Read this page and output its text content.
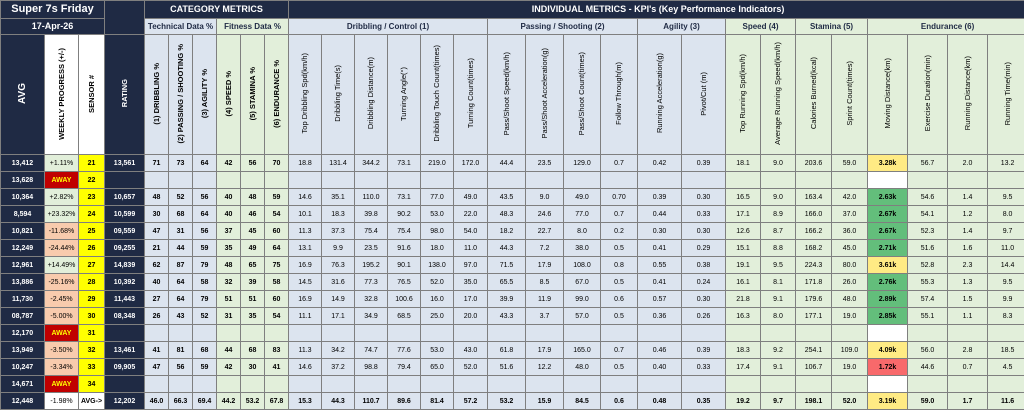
Super 7s Friday				CATEGORY METRICS						INDIVIDUAL METRICS - KPI's (Key Performance Indicators)																			
17-Apr-26				Technical Data %			Fitness Data %			Dribbling / Control (1)						Passing / Shooting (2)				Agility (3)		Speed (4)		Stamina (5)		Endurance (6)			
AVG	WEEKLY PROGRESS (+/-)	SENSOR #	RATING	(1) DRIBBLING %	(2) PASSING / SHOOTING %	(3) AGILITY %	(4) SPEED %	(5) STAMINA %	(6) ENDURANCE %	Top Dribbling Spd(km/h)	Dribbling Time(s)	Dribbling Distance(m)	Turning Angle(°)	Dribbling Touch Count(times)	Turning Count(times)	Pass/Shoot Speed(km/h)	Pass/Shoot Acceleration(g)	Pass/Shoot Count(times)	Follow Through(m)	Running Acceleration(g)	Pivot/Cut (m)	Top Running Spd(km/h)	Average Running Speed(km/h)	Calories Burned(kcal)	Sprint Count(times)	Moving Distance(km)	Exercise Duration(min)	Running Distance(km)	Running Time(min)
13,412	+1.11%	21	13,561	71	73	64	42	56	70	18.8	131.4	344.2	73.1	219.0	172.0	44.4	23.5	129.0	0.7	0.42	0.39	18.1	9.0	203.6	59.0	3.28k	56.7	2.0	13.2
13,628	AWAY	22																											
10,364	+2.82%	23	10,657	48	52	56	40	48	59	14.6	35.1	110.0	73.1	77.0	49.0	43.5	9.0	49.0	0.70	0.39	0.30	16.5	9.0	163.4	42.0	2.63k	54.6	1.4	9.5
8,594	+23.32%	24	10,599	30	68	64	40	46	54	10.1	18.3	39.8	90.2	53.0	22.0	48.3	24.6	77.0	0.7	0.44	0.33	17.1	8.9	166.0	37.0	2.67k	54.1	1.2	8.0
10,821	-11.68%	25	09,559	47	31	56	37	45	60	11.3	37.3	75.4	75.4	98.0	54.0	18.2	22.7	8.0	0.2	0.30	0.30	12.6	8.7	166.2	36.0	2.67k	52.3	1.4	9.7
12,249	-24.44%	26	09,255	21	44	59	35	49	64	13.1	9.9	23.5	91.6	18.0	11.0	44.3	7.2	38.0	0.5	0.41	0.29	15.1	8.8	168.2	45.0	2.71k	51.6	1.6	11.0
12,961	+14.49%	27	14,839	62	87	79	48	65	75	16.9	76.3	195.2	90.1	138.0	97.0	71.5	17.9	108.0	0.8	0.55	0.38	19.1	9.5	224.3	80.0	3.61k	52.8	2.3	14.4
13,886	-25.16%	28	10,392	40	64	58	32	39	58	14.5	31.6	77.3	76.5	52.0	35.0	65.5	8.5	67.0	0.5	0.41	0.24	16.1	8.1	171.8	26.0	2.76k	55.3	1.3	9.5
11,730	-2.45%	29	11,443	27	64	79	51	51	60	16.9	14.9	32.8	100.6	16.0	17.0	39.9	11.9	99.0	0.6	0.57	0.30	21.8	9.1	179.6	48.0	2.89k	57.4	1.5	9.9
08,787	-5.00%	30	08,348	26	43	52	31	35	54	11.1	17.1	34.9	68.5	25.0	20.0	43.3	3.7	57.0	0.5	0.36	0.26	16.3	8.0	177.1	19.0	2.85k	55.1	1.1	8.3
12,170	AWAY	31																											
13,949	-3.50%	32	13,461	41	81	68	44	68	83	11.3	34.2	74.7	77.6	53.0	43.0	61.8	17.9	165.0	0.7	0.46	0.39	18.3	9.2	254.1	109.0	4.09k	56.0	2.8	18.5
10,247	-3.34%	33	09,905	47	56	59	42	30	41	14.6	37.2	98.8	79.4	65.0	52.0	51.6	12.2	48.0	0.5	0.40	0.33	17.4	9.1	106.7	19.0	1.72k	44.6	0.7	4.5
14,671	AWAY	34																											
12,448	-1.98%	AVG->	12,202	46.0	66.3	69.4	44.2	53.2	67.8	15.3	44.3	110.7	89.6	81.4	57.2	53.2	15.9	84.5	0.6	0.48	0.35	19.2	9.7	198.1	52.0	3.19k	59.0	1.7	11.6
